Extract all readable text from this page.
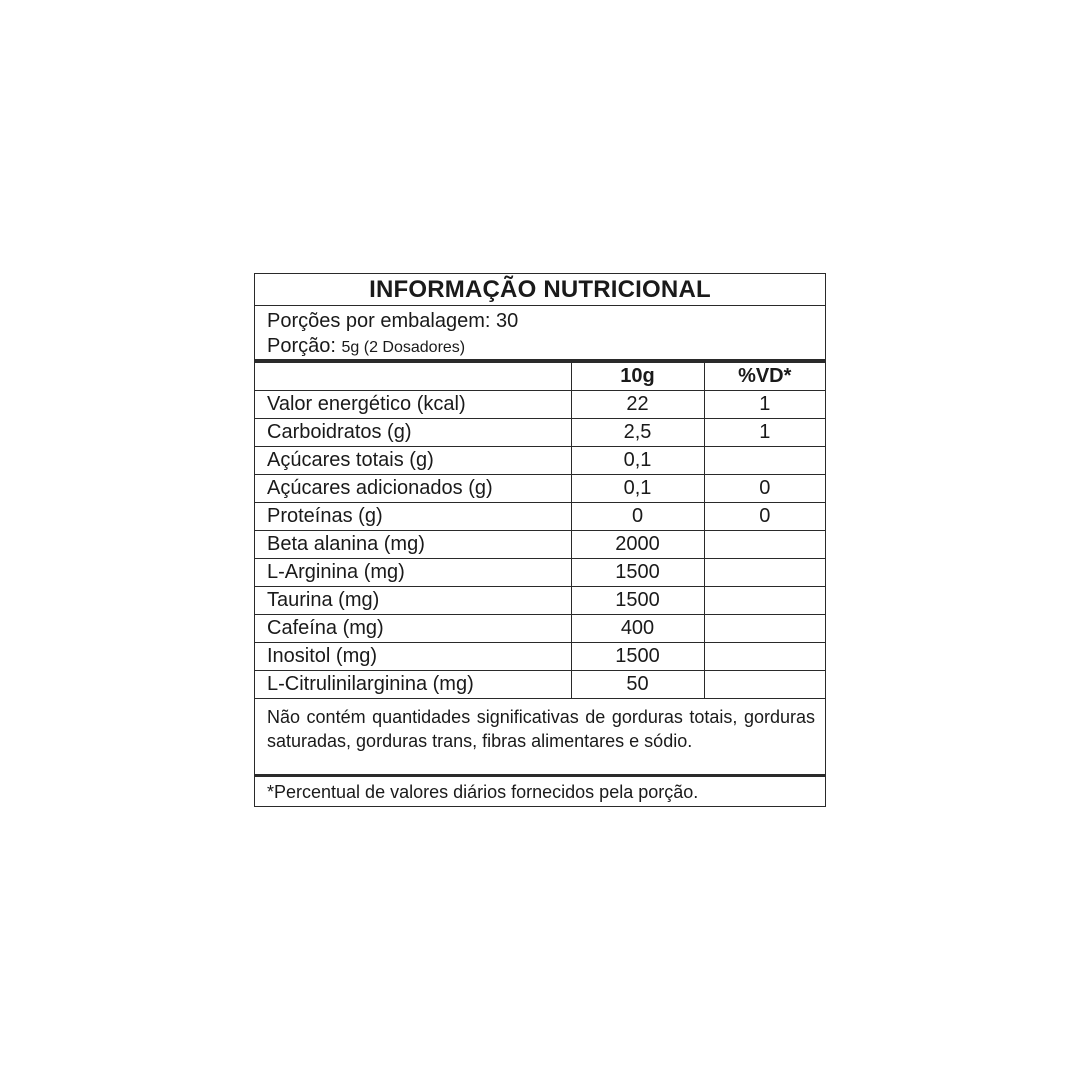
INFORMAÇÃO NUTRICIONAL
Porções por embalagem: 30
Porção: 5g (2 Dosadores)
	10g	%VD*
Valor energético (kcal)	22	1
Carboidratos (g)	2,5	1
Açúcares totais (g)	0,1	
Açúcares adicionados (g)	0,1	0
Proteínas (g)	0	0
Beta alanina (mg)	2000	
L-Arginina (mg)	1500	
Taurina (mg)	1500	
Cafeína (mg)	400	
Inositol (mg)	1500	
L-Citrulinilarginina (mg)	50	
Não contém quantidades significativas de gorduras totais, gorduras saturadas, gorduras trans, fibras alimentares e sódio.
*Percentual de valores diários fornecidos pela porção.
